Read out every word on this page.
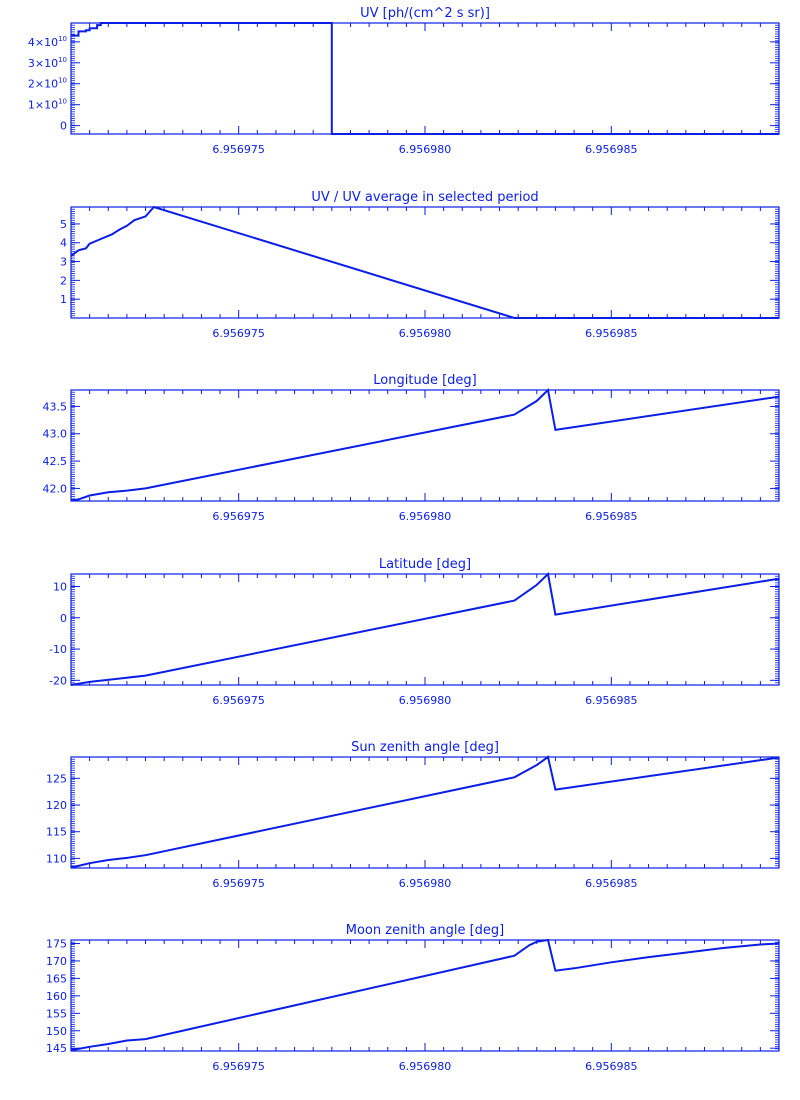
UV [ph/(cm^2 s sr)]
0
$1\times 10^{10}$
$2\times 10^{10}$
$3\times 10^{10}$
$4\times 10^{10}$
6.956975	6.956980	6.956985
UV / UV average in selected period
1
2
3
4
5
6.956975	6.956980	6.956985
Longitude [deg]
42.0
42.5
43.0
43.5
6.956975	6.956980	6.956985
Latitude [deg]
-20
-10
0
10
6.956975	6.956980	6.956985
Sun zenith angle [deg]
110
115
120
125
6.956975	6.956980	6.956985
Moon zenith angle [deg]
145
150
155
160
165
170
175
6.956975	6.956980	6.956985
